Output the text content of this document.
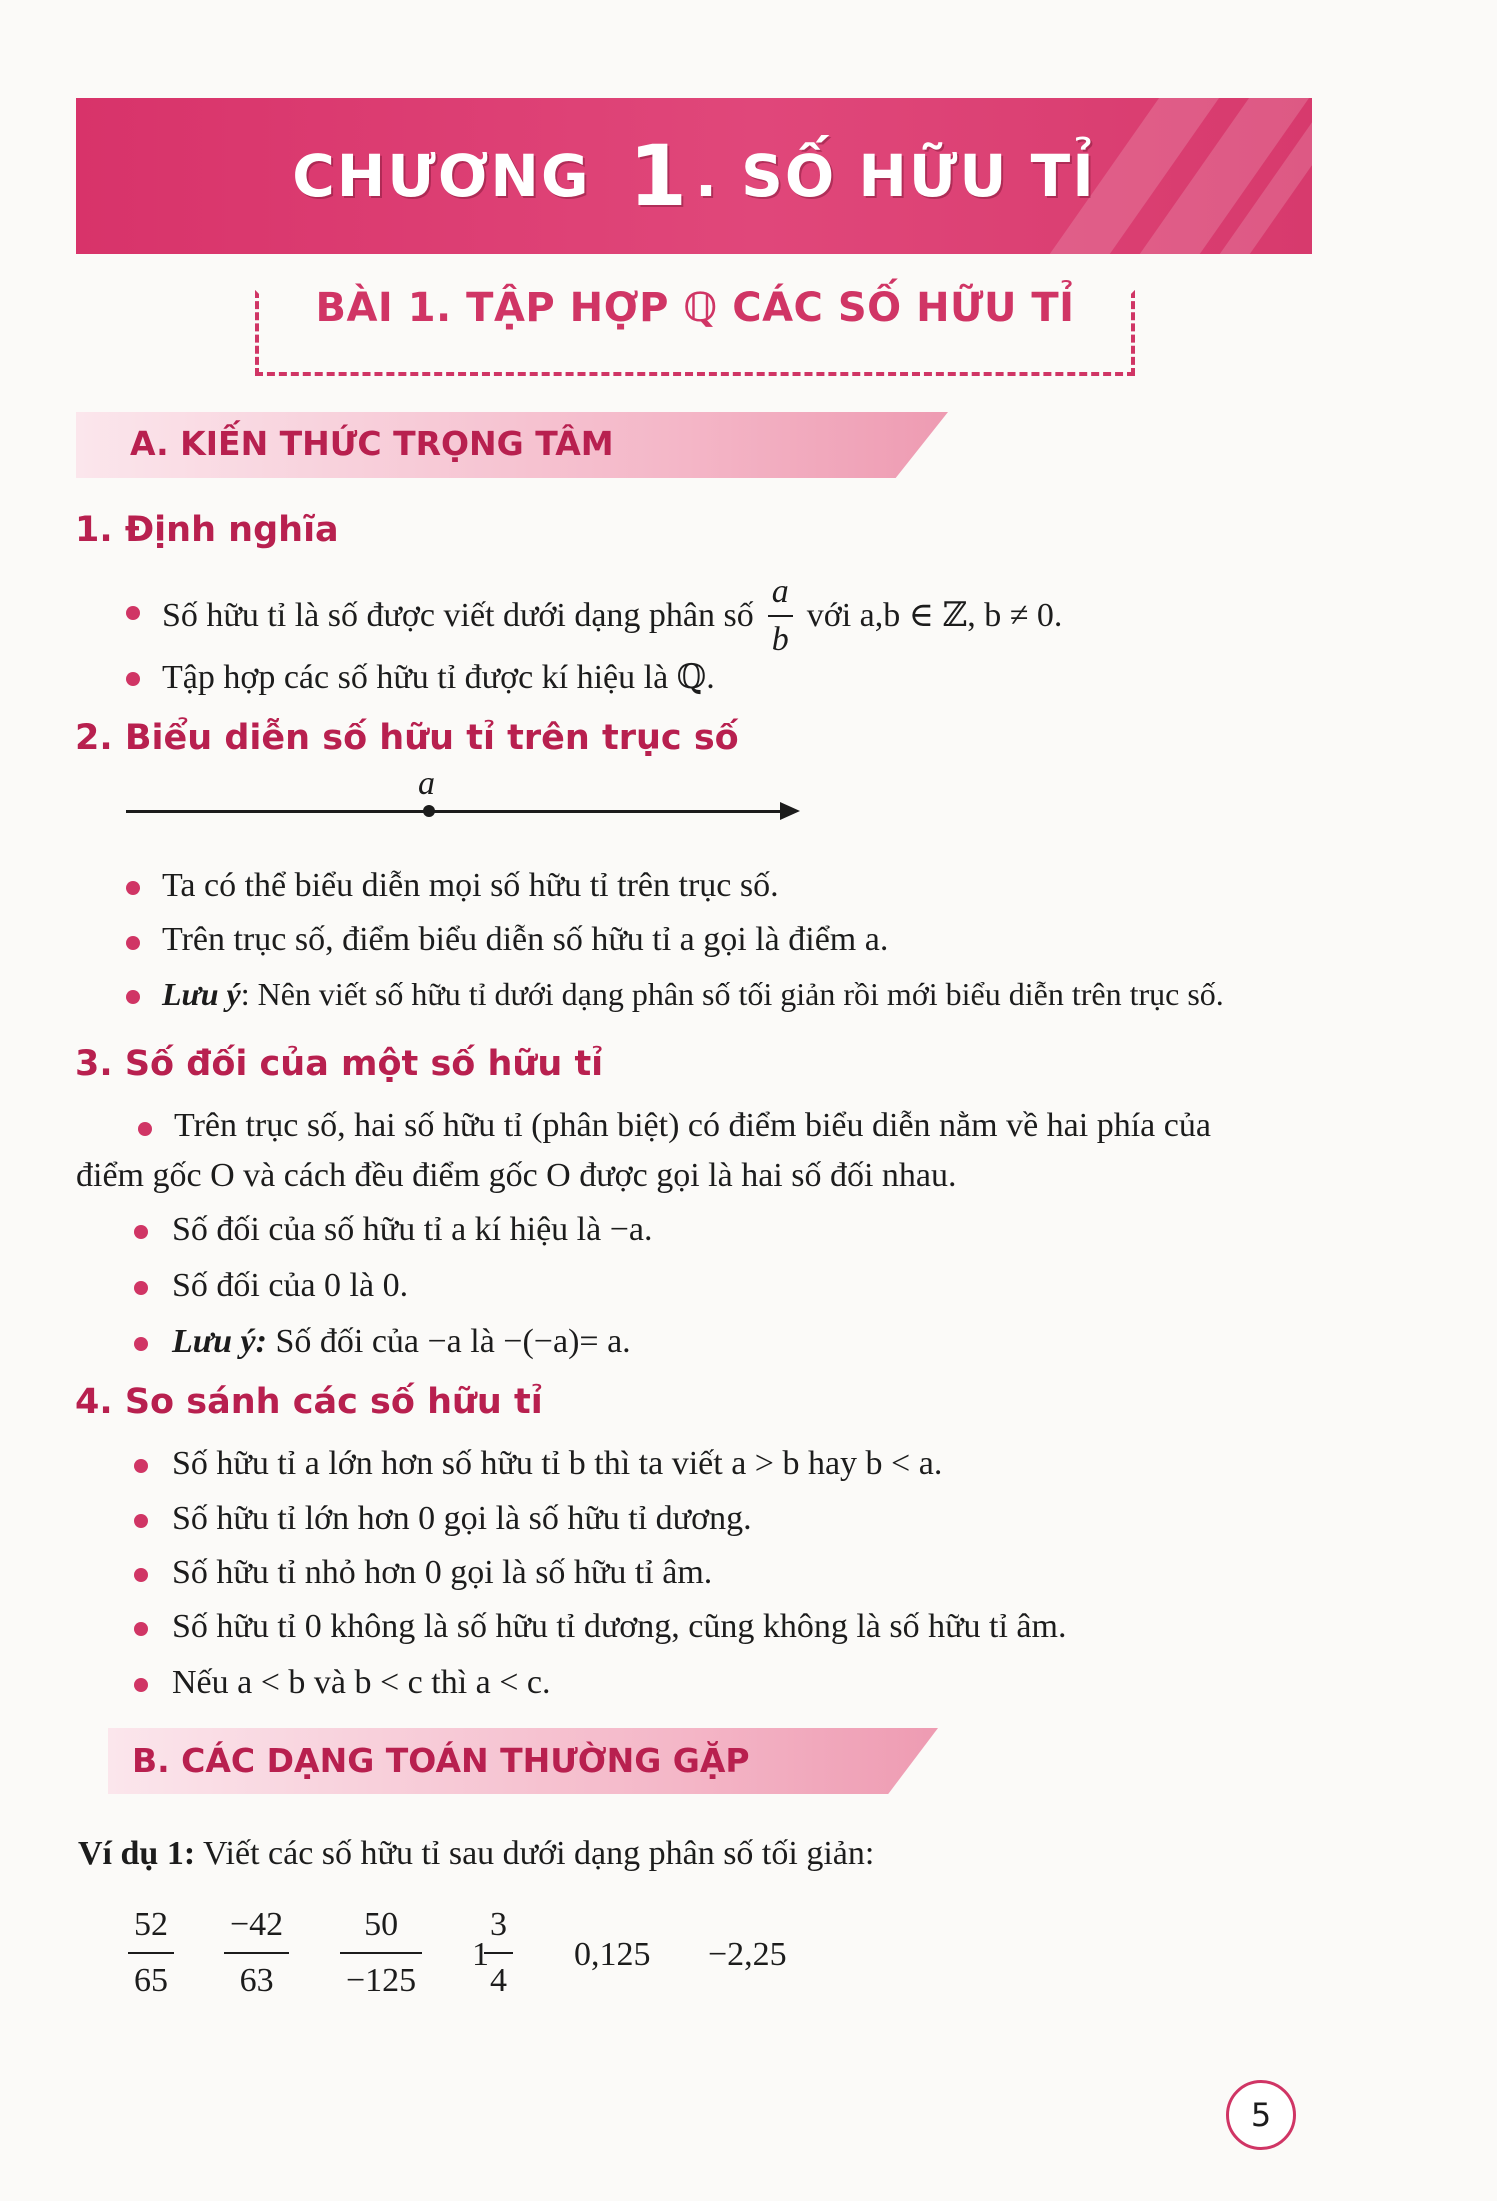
CHƯƠNG 1 . SỐ HỮU TỈ
BÀI 1. TẬP HỢP ℚ CÁC SỐ HỮU TỈ
A. KIẾN THỨC TRỌNG TÂM
1. Định nghĩa
Số hữu tỉ là số được viết dưới dạng phân số $\frac{a}{b}$ với a,b ∈ ℤ, b ≠ 0.
Tập hợp các số hữu tỉ được kí hiệu là ℚ.
2. Biểu diễn số hữu tỉ trên trục số
a
Ta có thể biểu diễn mọi số hữu tỉ trên trục số.
Trên trục số, điểm biểu diễn số hữu tỉ a gọi là điểm a.
Lưu ý: Nên viết số hữu tỉ dưới dạng phân số tối giản rồi mới biểu diễn trên trục số.
3. Số đối của một số hữu tỉ
Trên trục số, hai số hữu tỉ (phân biệt) có điểm biểu diễn nằm về hai phía của
điểm gốc O và cách đều điểm gốc O được gọi là hai số đối nhau.
Số đối của số hữu tỉ a kí hiệu là −a.
Số đối của 0 là 0.
Lưu ý: Số đối của −a là −(−a)= a.
4. So sánh các số hữu tỉ
Số hữu tỉ a lớn hơn số hữu tỉ b thì ta viết a > b hay b < a.
Số hữu tỉ lớn hơn 0 gọi là số hữu tỉ dương.
Số hữu tỉ nhỏ hơn 0 gọi là số hữu tỉ âm.
Số hữu tỉ 0 không là số hữu tỉ dương, cũng không là số hữu tỉ âm.
Nếu a < b và b < c thì a < c.
B. CÁC DẠNG TOÁN THƯỜNG GẶP
Ví dụ 1: Viết các số hữu tỉ sau dưới dạng phân số tối giản:
$\frac{52}{65} \frac{-42}{63} \frac{50}{-125} 1$
$\frac{3}{4} 0,125 -2,25$
5
